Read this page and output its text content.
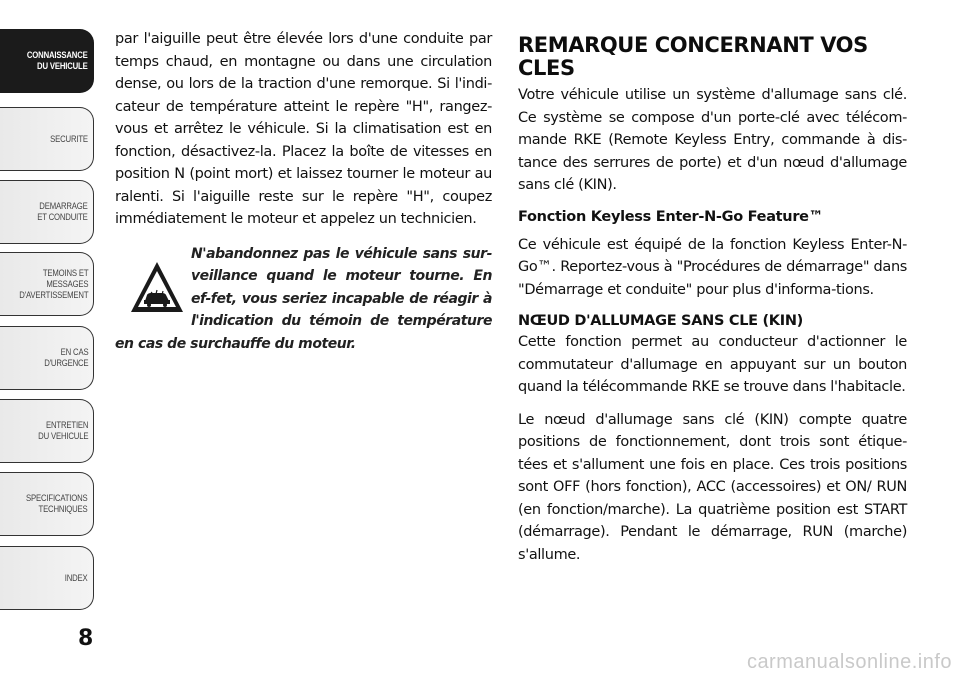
CONNAISSANCE
DU VEHICULE
SECURITE
DEMARRAGE
ET CONDUITE
TEMOINS ET
MESSAGES
D'AVERTISSEMENT
EN CAS
D'URGENCE
ENTRETIEN
DU VEHICULE
SPECIFICATIONS
TECHNIQUES
INDEX
8

par l'aiguille peut être élevée lors d'une conduite par temps chaud, en montagne ou dans une circulation dense, ou lors de la traction d'une remorque. Si l'indi-cateur de température atteint le repère "H", rangez-vous et arrêtez le véhicule. Si la climatisation est en fonction, désactivez-la. Placez la boîte de vitesses en position N (point mort) et laissez tourner le moteur au ralenti. Si l'aiguille reste sur le repère "H", coupez immédiatement le moteur et appelez un technicien.

N'abandonnez pas le véhicule sans sur-veillance quand le moteur tourne. En ef-fet, vous seriez incapable de réagir à l'indication du témoin de température en cas de surchauffe du moteur.

REMARQUE CONCERNANT VOS CLES

Votre véhicule utilise un système d'allumage sans clé. Ce système se compose d'un porte-clé avec télécom-mande RKE (Remote Keyless Entry, commande à dis-tance des serrures de porte) et d'un nœud d'allumage sans clé (KIN).

Fonction Keyless Enter-N-Go Feature™

Ce véhicule est équipé de la fonction Keyless Enter-N-Go™. Reportez-vous à "Procédures de démarrage" dans "Démarrage et conduite" pour plus d'informa-tions.

NŒUD D'ALLUMAGE SANS CLE (KIN)

Cette fonction permet au conducteur d'actionner le commutateur d'allumage en appuyant sur un bouton quand la télécommande RKE se trouve dans l'habitacle.

Le nœud d'allumage sans clé (KIN) compte quatre positions de fonctionnement, dont trois sont étique-tées et s'allument une fois en place. Ces trois positions sont OFF (hors fonction), ACC (accessoires) et ON/ RUN (en fonction/marche). La quatrième position est START (démarrage). Pendant le démarrage, RUN (marche) s'allume.

carmanualsonline.info
